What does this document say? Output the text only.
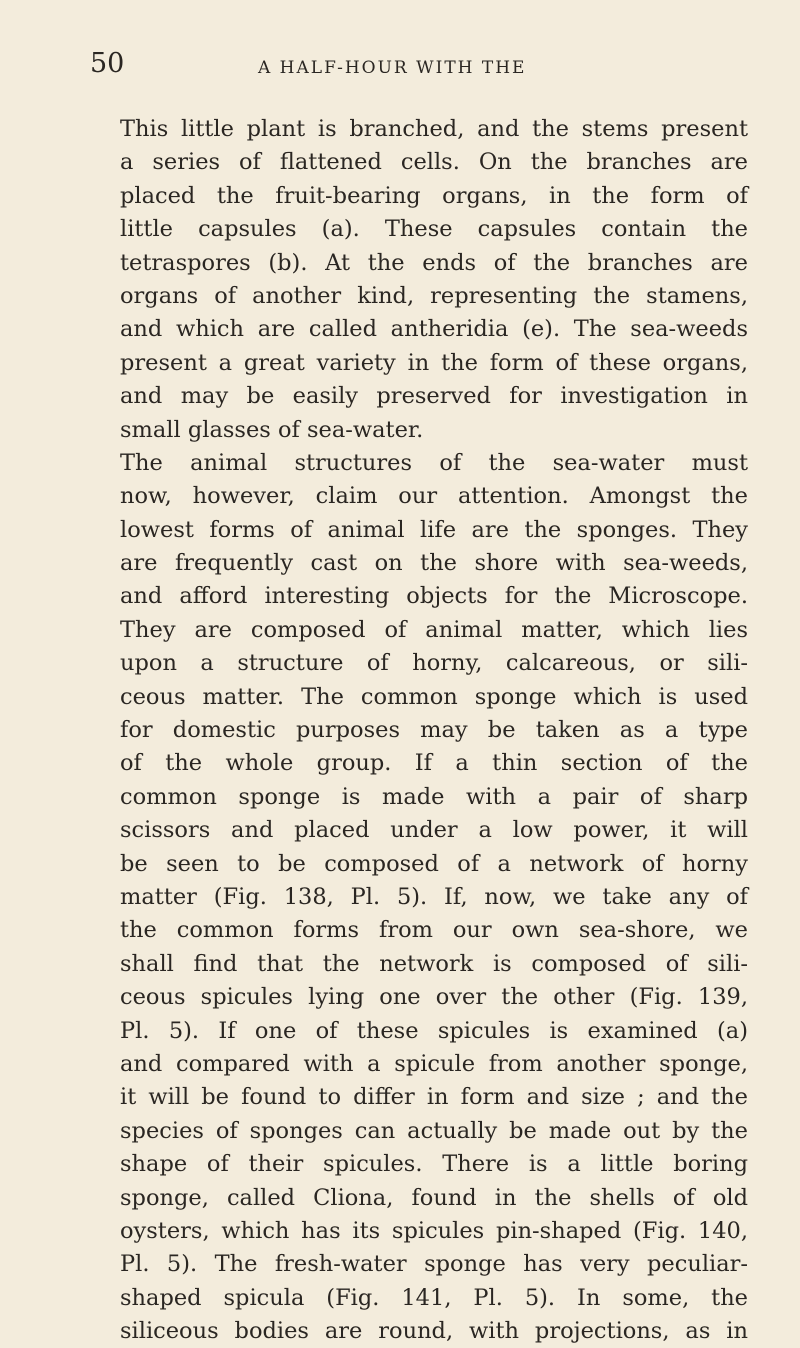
50	A HALF-HOUR WITH THE
This little plant is branched, and the stems present
a series of flattened cells. On the branches are
placed the fruit-bearing organs, in the form of
little capsules (a). These capsules contain the
tetraspores (b). At the ends of the branches are
organs of another kind, representing the stamens,
and which are called antheridia (e). The sea-weeds
present a great variety in the form of these organs,
and may be easily preserved for investigation in
small glasses of sea-water.
The animal structures of the sea-water must
now, however, claim our attention. Amongst the
lowest forms of animal life are the sponges. They
are frequently cast on the shore with sea-weeds,
and afford interesting objects for the Microscope.
They are composed of animal matter, which lies
upon a structure of horny, calcareous, or sili-
ceous matter. The common sponge which is used
for domestic purposes may be taken as a type
of the whole group. If a thin section of the
common sponge is made with a pair of sharp
scissors and placed under a low power, it will
be seen to be composed of a network of horny
matter (Fig. 138, Pl. 5). If, now, we take any of
the common forms from our own sea-shore, we
shall find that the network is composed of sili-
ceous spicules lying one over the other (Fig. 139,
Pl. 5). If one of these spicules is examined (a)
and compared with a spicule from another sponge,
it will be found to differ in form and size ; and the
species of sponges can actually be made out by the
shape of their spicules. There is a little boring
sponge, called Cliona, found in the shells of old
oysters, which has its spicules pin-shaped (Fig. 140,
Pl. 5). The fresh-water sponge has very peculiar-
shaped spicula (Fig. 141, Pl. 5). In some, the
siliceous bodies are round, with projections, as in
